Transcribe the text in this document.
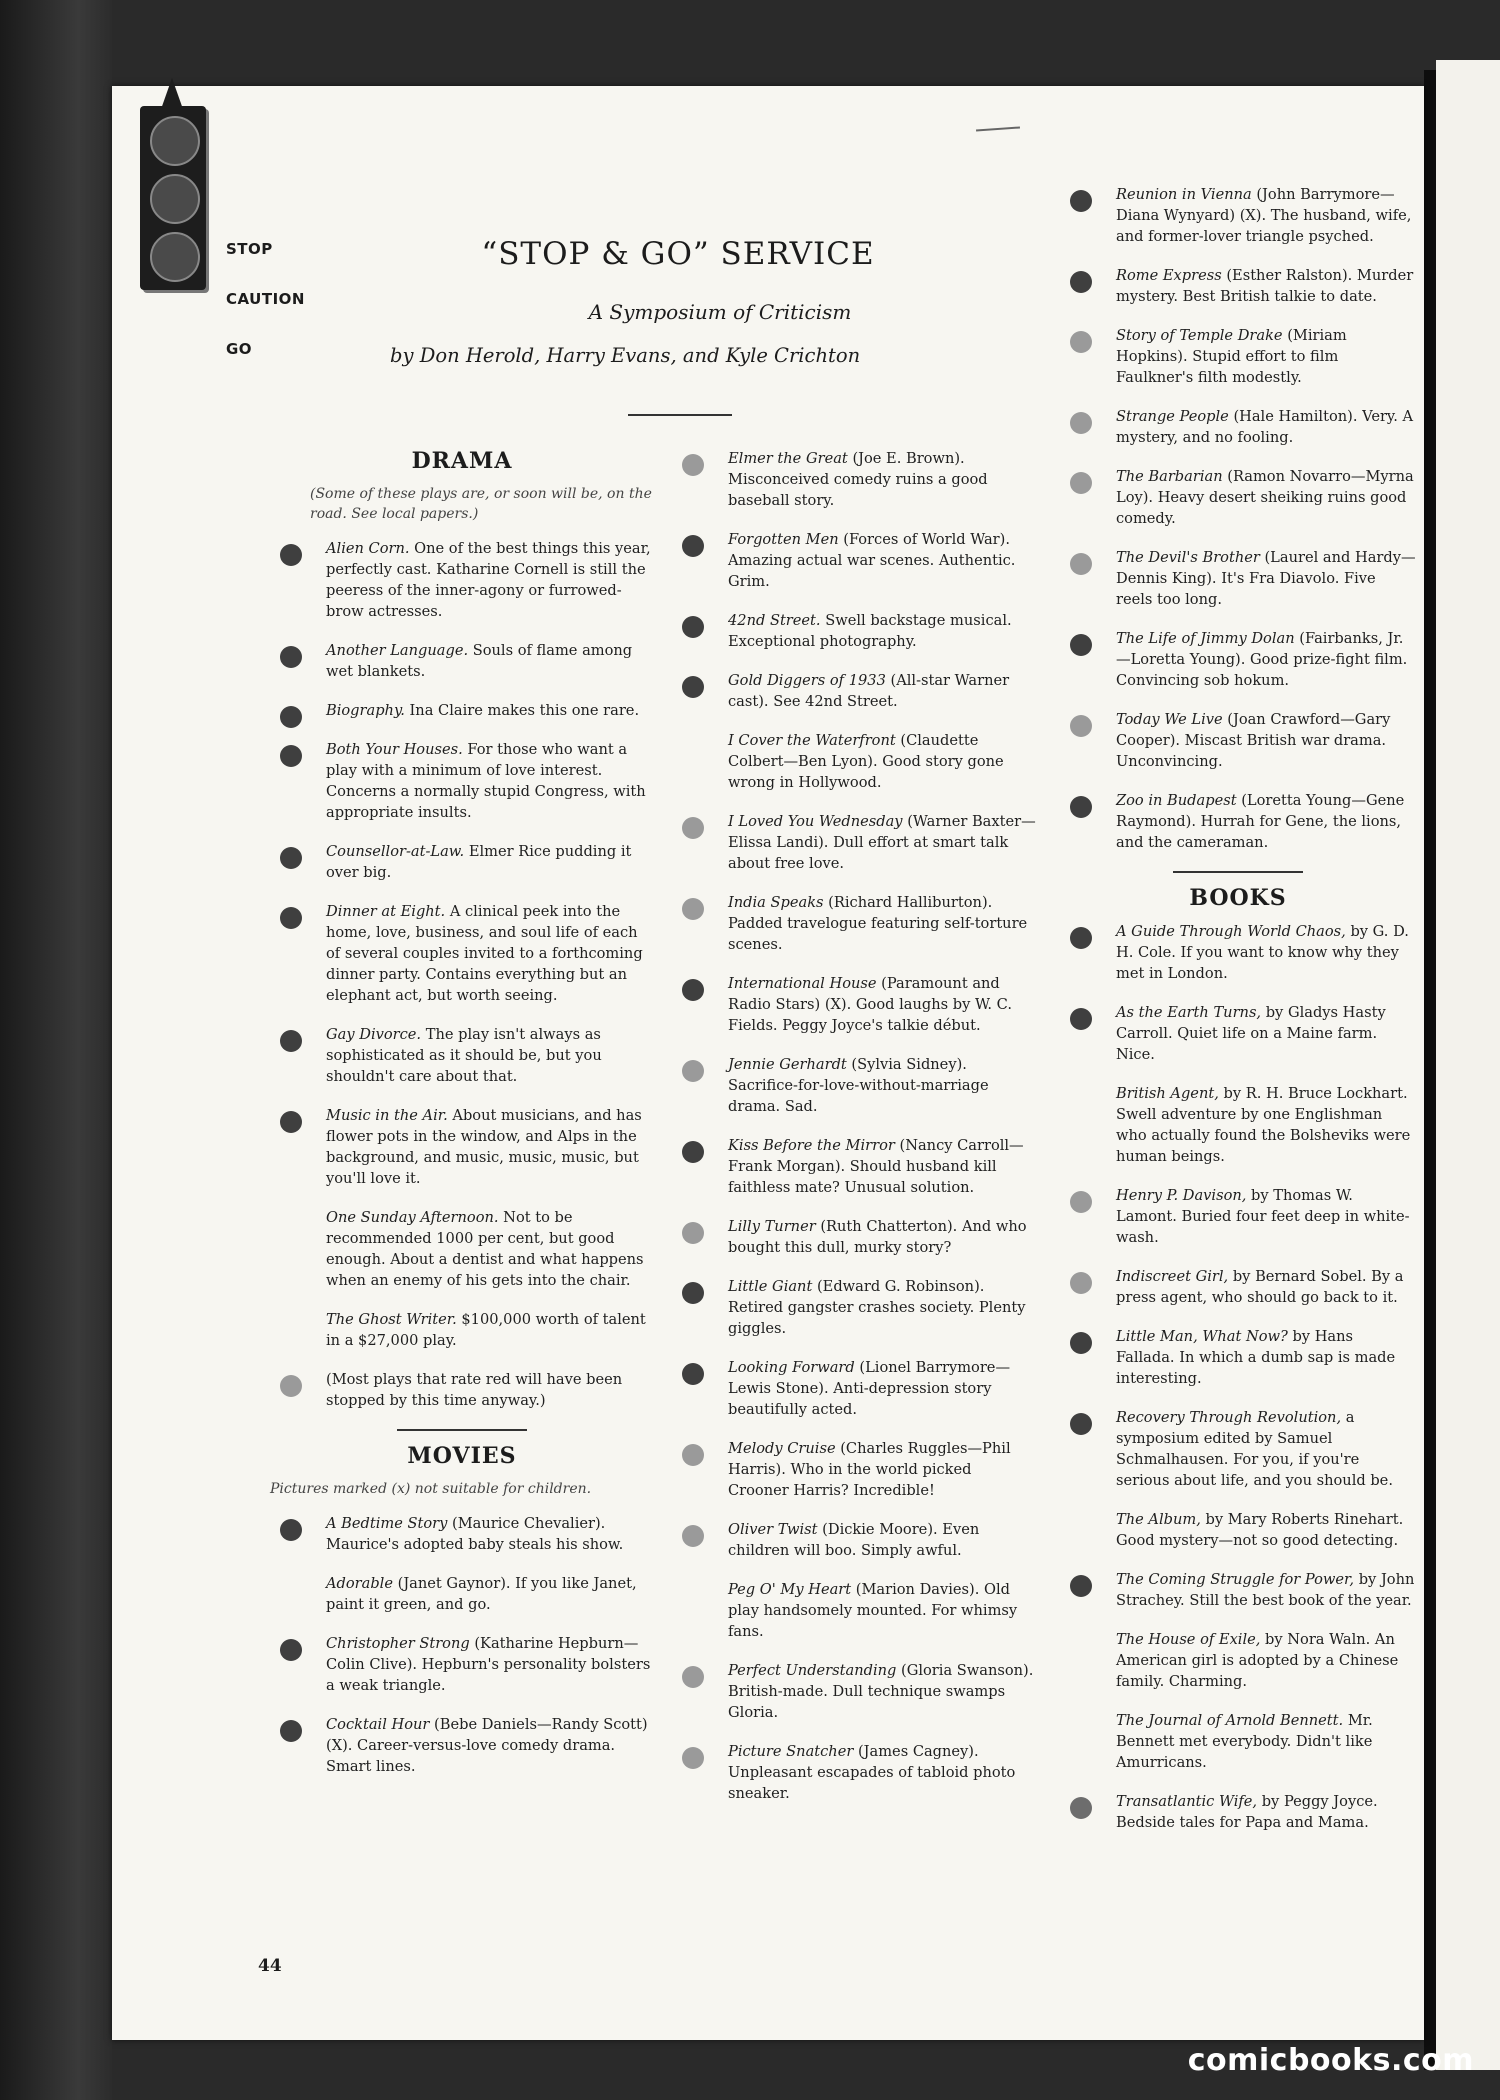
STOP
CAUTION
GO
“STOP & GO” SERVICE
A Symposium of Criticism
by Don Herold, Harry Evans, and Kyle Crichton
DRAMA
(Some of these plays are, or soon will be, on the road. See local papers.)
Alien Corn. One of the best things this year, perfectly cast. Katharine Cornell is still the peeress of the inner-agony or furrowed-brow actresses.
Another Language. Souls of flame among wet blankets.
Biography. Ina Claire makes this one rare.
Both Your Houses. For those who want a play with a minimum of love interest. Concerns a normally stupid Congress, with appropriate insults.
Counsellor-at-Law. Elmer Rice pudding it over big.
Dinner at Eight. A clinical peek into the home, love, business, and soul life of each of several couples invited to a forthcoming dinner party. Contains everything but an elephant act, but worth seeing.
Gay Divorce. The play isn't always as sophisticated as it should be, but you shouldn't care about that.
Music in the Air. About musicians, and has flower pots in the window, and Alps in the background, and music, music, music, but you'll love it.
One Sunday Afternoon. Not to be recommended 1000 per cent, but good enough. About a dentist and what happens when an enemy of his gets into the chair.
The Ghost Writer. $100,000 worth of talent in a $27,000 play.
(Most plays that rate red will have been stopped by this time anyway.)
MOVIES
Pictures marked (x) not suitable for children.
A Bedtime Story (Maurice Chevalier). Maurice's adopted baby steals his show.
Adorable (Janet Gaynor). If you like Janet, paint it green, and go.
Christopher Strong (Katharine Hepburn—Colin Clive). Hepburn's personality bolsters a weak triangle.
Cocktail Hour (Bebe Daniels—Randy Scott) (X). Career-versus-love comedy drama. Smart lines.
Elmer the Great (Joe E. Brown). Misconceived comedy ruins a good baseball story.
Forgotten Men (Forces of World War). Amazing actual war scenes. Authentic. Grim.
42nd Street. Swell backstage musical. Exceptional photography.
Gold Diggers of 1933 (All-star Warner cast). See 42nd Street.
I Cover the Waterfront (Claudette Colbert—Ben Lyon). Good story gone wrong in Hollywood.
I Loved You Wednesday (Warner Baxter—Elissa Landi). Dull effort at smart talk about free love.
India Speaks (Richard Halliburton). Padded travelogue featuring self-torture scenes.
International House (Paramount and Radio Stars) (X). Good laughs by W. C. Fields. Peggy Joyce's talkie début.
Jennie Gerhardt (Sylvia Sidney). Sacrifice-for-love-without-marriage drama. Sad.
Kiss Before the Mirror (Nancy Carroll—Frank Morgan). Should husband kill faithless mate? Unusual solution.
Lilly Turner (Ruth Chatterton). And who bought this dull, murky story?
Little Giant (Edward G. Robinson). Retired gangster crashes society. Plenty giggles.
Looking Forward (Lionel Barrymore—Lewis Stone). Anti-depression story beautifully acted.
Melody Cruise (Charles Ruggles—Phil Harris). Who in the world picked Crooner Harris? Incredible!
Oliver Twist (Dickie Moore). Even children will boo. Simply awful.
Peg O' My Heart (Marion Davies). Old play handsomely mounted. For whimsy fans.
Perfect Understanding (Gloria Swanson). British-made. Dull technique swamps Gloria.
Picture Snatcher (James Cagney). Unpleasant escapades of tabloid photo sneaker.
Reunion in Vienna (John Barrymore—Diana Wynyard) (X). The husband, wife, and former-lover triangle psyched.
Rome Express (Esther Ralston). Murder mystery. Best British talkie to date.
Story of Temple Drake (Miriam Hopkins). Stupid effort to film Faulkner's filth modestly.
Strange People (Hale Hamilton). Very. A mystery, and no fooling.
The Barbarian (Ramon Novarro—Myrna Loy). Heavy desert sheiking ruins good comedy.
The Devil's Brother (Laurel and Hardy—Dennis King). It's Fra Diavolo. Five reels too long.
The Life of Jimmy Dolan (Fairbanks, Jr.—Loretta Young). Good prize-fight film. Convincing sob hokum.
Today We Live (Joan Crawford—Gary Cooper). Miscast British war drama. Unconvincing.
Zoo in Budapest (Loretta Young—Gene Raymond). Hurrah for Gene, the lions, and the cameraman.
BOOKS
A Guide Through World Chaos, by G. D. H. Cole. If you want to know why they met in London.
As the Earth Turns, by Gladys Hasty Carroll. Quiet life on a Maine farm. Nice.
British Agent, by R. H. Bruce Lockhart. Swell adventure by one Englishman who actually found the Bolsheviks were human beings.
Henry P. Davison, by Thomas W. Lamont. Buried four feet deep in white-wash.
Indiscreet Girl, by Bernard Sobel. By a press agent, who should go back to it.
Little Man, What Now? by Hans Fallada. In which a dumb sap is made interesting.
Recovery Through Revolution, a symposium edited by Samuel Schmalhausen. For you, if you're serious about life, and you should be.
The Album, by Mary Roberts Rinehart. Good mystery—not so good detecting.
The Coming Struggle for Power, by John Strachey. Still the best book of the year.
The House of Exile, by Nora Waln. An American girl is adopted by a Chinese family. Charming.
The Journal of Arnold Bennett. Mr. Bennett met everybody. Didn't like Amurricans.
Transatlantic Wife, by Peggy Joyce. Bedside tales for Papa and Mama.
44
comicbooks.com
